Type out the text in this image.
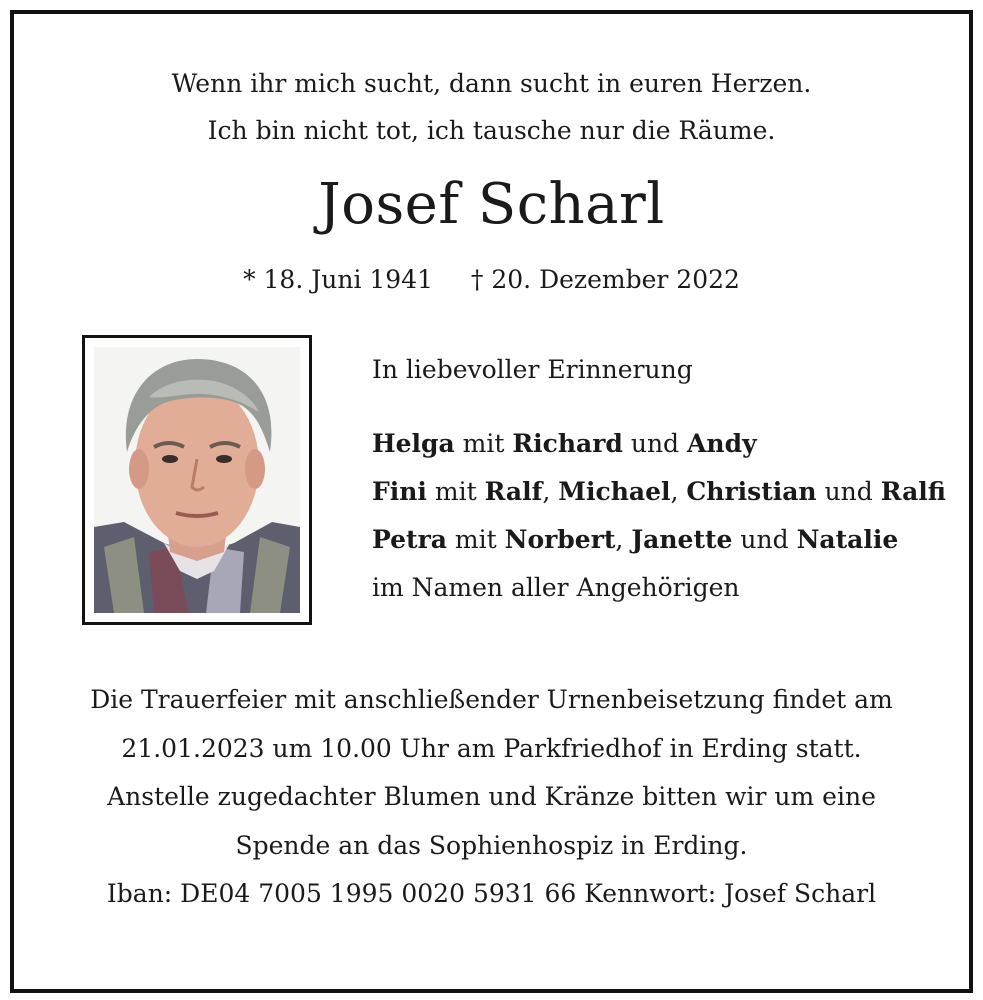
Wenn ihr mich sucht, dann sucht in euren Herzen.
Ich bin nicht tot, ich tausche nur die Räume.
Josef Scharl
* 18. Juni 1941 † 20. Dezember 2022
In liebevoller Erinnerung
Helga mit Richard und Andy
Fini mit Ralf, Michael, Christian und Ralfi
Petra mit Norbert, Janette und Natalie
im Namen aller Angehörigen
Die Trauerfeier mit anschließender Urnenbeisetzung findet am
21.01.2023 um 10.00 Uhr am Parkfriedhof in Erding statt.
Anstelle zugedachter Blumen und Kränze bitten wir um eine
Spende an das Sophienhospiz in Erding.
Iban: DE04 7005 1995 0020 5931 66 Kennwort: Josef Scharl
